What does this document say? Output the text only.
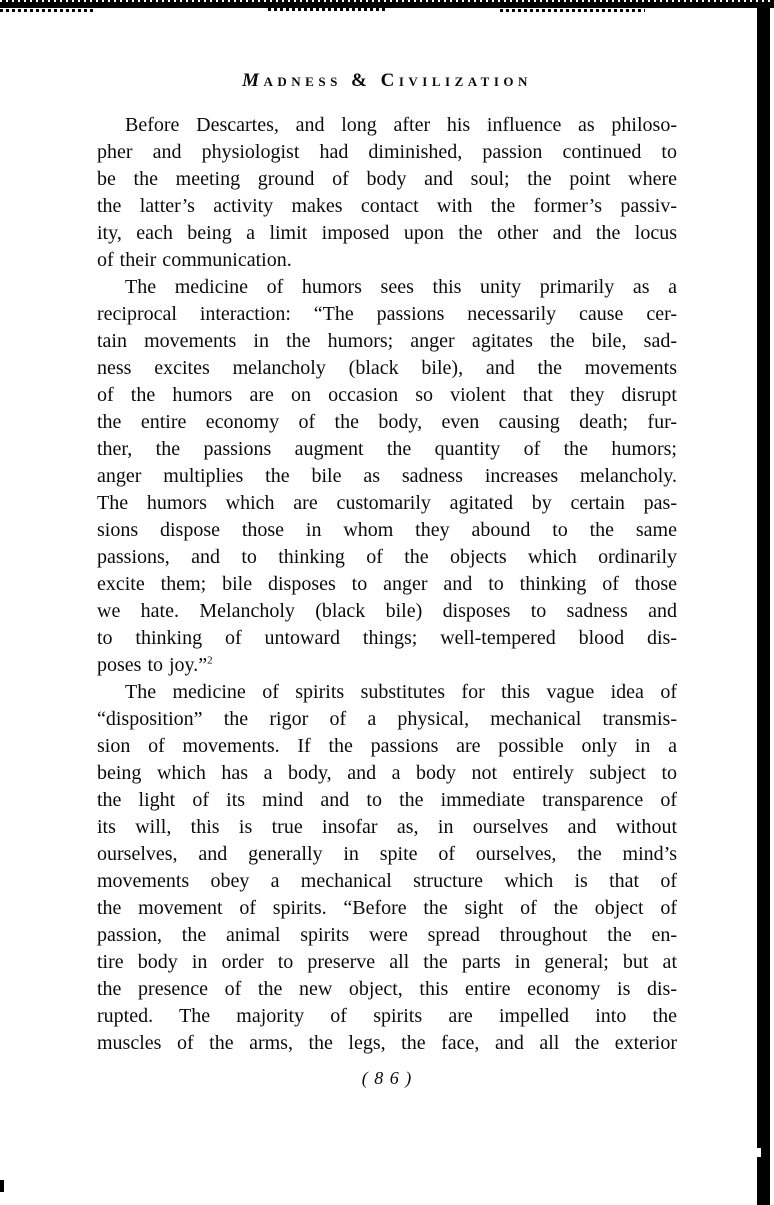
Madness & Civilization
Before Descartes, and long after his influence as philoso-
pher and physiologist had diminished, passion continued to
be the meeting ground of body and soul; the point where
the latter’s activity makes contact with the former’s passiv-
ity, each being a limit imposed upon the other and the locus
of their communication.
The medicine of humors sees this unity primarily as a
reciprocal interaction: “The passions necessarily cause cer-
tain movements in the humors; anger agitates the bile, sad-
ness excites melancholy (black bile), and the movements
of the humors are on occasion so violent that they disrupt
the entire economy of the body, even causing death; fur-
ther, the passions augment the quantity of the humors;
anger multiplies the bile as sadness increases melancholy.
The humors which are customarily agitated by certain pas-
sions dispose those in whom they abound to the same
passions, and to thinking of the objects which ordinarily
excite them; bile disposes to anger and to thinking of those
we hate. Melancholy (black bile) disposes to sadness and
to thinking of untoward things; well-tempered blood dis-
poses to joy.”$^2$
The medicine of spirits substitutes for this vague idea of
“disposition” the rigor of a physical, mechanical transmis-
sion of movements. If the passions are possible only in a
being which has a body, and a body not entirely subject to
the light of its mind and to the immediate transparence of
its will, this is true insofar as, in ourselves and without
ourselves, and generally in spite of ourselves, the mind’s
movements obey a mechanical structure which is that of
the movement of spirits. “Before the sight of the object of
passion, the animal spirits were spread throughout the en-
tire body in order to preserve all the parts in general; but at
the presence of the new object, this entire economy is dis-
rupted. The majority of spirits are impelled into the
muscles of the arms, the legs, the face, and all the exterior
( 8 6 )
